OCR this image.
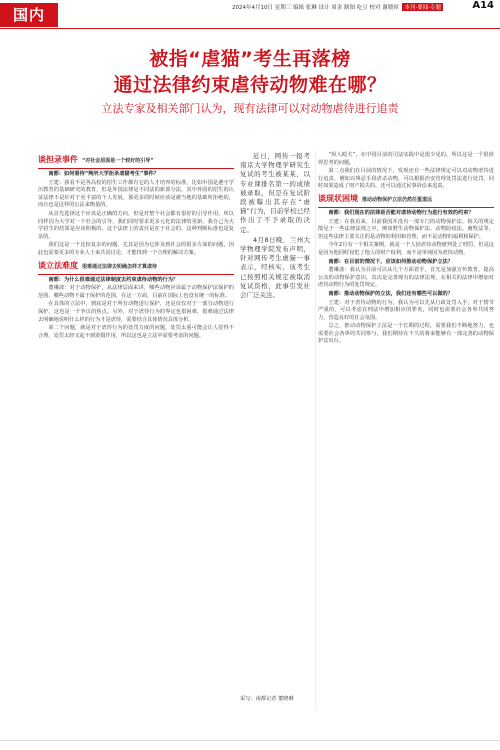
国内	2024年4月10日 星期三 编辑 张琳 设计 周金 制图 吃豆 校对 谢晓璋 本刊·要闻·专题	A14
被指“虐猫”考生再落榜
通过法律约束虐待动物难在哪？
立法专家及相关部门认为，现有法律可以对动物虐待进行追责
谈担录事件 “对社会层面是一个较好的引导”

南都：如何看待“殉所大学拒录虐猫考生”事件？

王建：我看不是各高校的招生工作都有它的人才培养的标准，比如中国是遵守学历教育的基础研究的教育，但是外国法律是不同法的新部分法，其中外国的招生的认证法律不是针对于更丰富的个人发展，那更多的时候应该是被当地的基础所拒绝的，而且也是这样的公法来衡量的。

从首先选择这个应该是正确的方向，但是对整个社会都有很好的引导作用，所以同样因为大学对一个社会的引导，我们同时要求更多元化的法律的更新，我自己为大学招生的结果是应该积极的，这个法律上的责任是在于社会的，这种判断标准也是复杂的。

我们这是一个比较复杂的问题，尤其是因为它涉及到社会的很多方面的问题，因此也需要更多的专业人士来共同讨论，才能找到一个合理的解决方案。

谈立法难度 很难通过法律去明确怎样才算虐待

南都：为什么很难通过法律制度去约束虐待动物的行为？

董琳波：对于动物保护，从法律层面来讲，哪些动物应该属于动物保护法保护的范围，哪些动物不属于保护的范围，在这一方面，目前在国际上也没有统一的标准。

在具体的立法中，到底是对于所有动物进行保护，还是仅仅对于一部分动物进行保护，这也是一个争议的焦点。另外，对于虐待行为的界定也很困难，很难通过法律去明确地说明什么样的行为才是虐待，需要结合具体情况具体分析。

第二个问题，就是对于虐待行为的处罚力度的问题，处罚太重可能会让人觉得不合理，处罚太轻又起不到震慑作用，所以这也是立法中需要考虑的问题。

近日，网传一报考南京大学物理学研究生复试的考生被某某，以专业课排名第一的成绩被录取，但是在复试阶段被曝出其存在“虐猫”行为，目前学校已经作出了不予录取的决定。

4月8日晚，兰州大学物理学院发布声明，针对网传考生虐猫一事表示，经核实，该考生已按照相关规定被取消复试资格，此事引发社会广泛关注。

采写：南都记者 董晓琳

“纵人殴犬”，在中国目前的司法实践中是很少见的，所以这是一个很值得思考的问题。

第二点我们在目前的情况下，发现还有一些法律规定可以对动物虐待进行追责，例如以残忍手段虐杀动物，可以根据治安管理处罚法进行处罚，同时如果造成了财产损失的，还可以通过民事诉讼来追责。

谈现状困境 推动动物保护立法仍然任重道远

南都：我们现在的法律是否能对虐待动物行为进行有效的约束？

王建：在我看来，目前我国并没有一部专门的动物保护法，相关的规定散见于一些法律法规之中，例如野生动物保护法、动物防疫法、畜牧法等，但这些法律主要关注的是动物的利用和管理，而不是动物的福利和保护。

今年2月有一个相关案例，就是一个人因虐待动物被判处了刑罚，但是这是因为他同时侵犯了他人的财产权利，而不是单纯因为虐待动物。

南都：在目前的情况下，应该如何推动动物保护立法？

董琳波：我认为目前可以从几个方面着手，首先是加强宣传教育，提高公众的动物保护意识，其次是完善现有的法律法规，在相关的法律中增加对虐待动物行为的处罚规定。

南都：推动动物保护的立法，我们还有哪些可以做的？

王建：对于虐待动物的行为，我认为可以先从行政处罚入手，对于情节严重的，可以考虑在刑法中增加相应的罪名，同时也需要社会各界共同努力，营造良好的社会氛围。

总之，推动动物保护立法是一个长期的过程，需要我们不断地努力，也需要社会各界的共同参与，我们期待在不久的将来能够有一部完善的动物保护法出台。
